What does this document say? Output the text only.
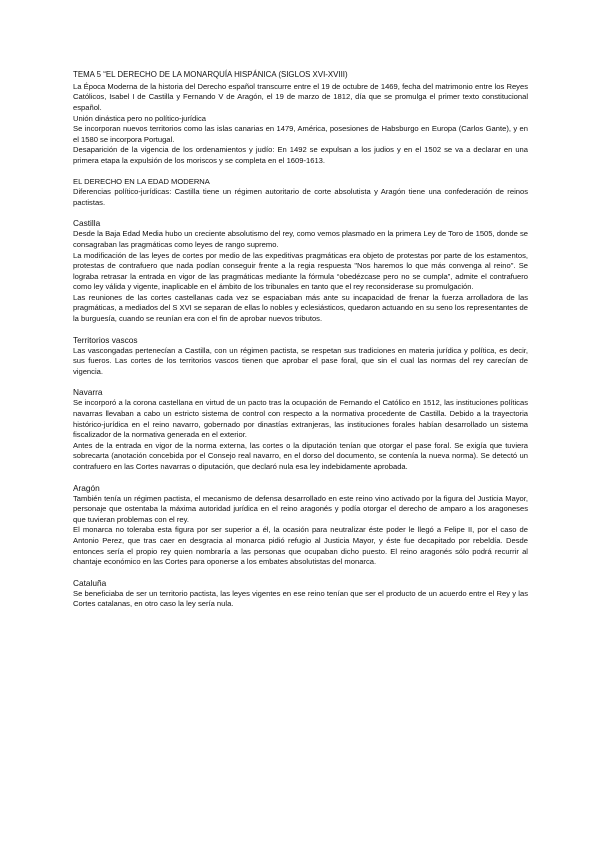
TEMA 5 “EL DERECHO DE LA MONARQUÍA HISPÁNICA (SIGLOS XVI-XVIII)

La Época Moderna de la historia del Derecho español transcurre entre el 19 de octubre de 1469, fecha del matrimonio entre los Reyes Católicos, Isabel I de Castilla y Fernando V de Aragón, el 19 de marzo de 1812, día que se promulga el primer texto constitucional español.

Unión dinástica pero no político-jurídica

Se incorporan nuevos territorios como las islas canarias en 1479, América, posesiones de Habsburgo en Europa (Carlos Gante), y en el 1580 se incorpora Portugal.

Desaparición de la vigencia de los ordenamientos y judío: En 1492 se expulsan a los judios y en el 1502 se va a declarar en una primera etapa la expulsión de los moriscos y se completa en el 1609-1613.

EL DERECHO EN LA EDAD MODERNA

Diferencias político-jurídicas: Castilla tiene un régimen autoritario de corte absolutista y Aragón tiene una confederación de reinos pactistas.

Castilla

Desde la Baja Edad Media hubo un creciente absolutismo del rey, como vemos plasmado en la primera Ley de Toro de 1505, donde se consagraban las pragmáticas como leyes de rango supremo.

La modificación de las leyes de cortes por medio de las expeditivas pragmáticas era objeto de protestas por parte de los estamentos, protestas de contrafuero que nada podían conseguir frente a la regia respuesta "Nos haremos lo que más convenga al reino". Se lograba retrasar la entrada en vigor de las pragmáticas mediante la fórmula “obedézcase pero no se cumpla”, admite el contrafuero como ley válida y vigente, inaplicable en el ámbito de los tribunales en tanto que el rey reconsiderase su promulgación.

Las reuniones de las cortes castellanas cada vez se espaciaban más ante su incapacidad de frenar la fuerza arrolladora de las pragmáticas, a mediados del S XVI se separan de ellas lo nobles y eclesiásticos, quedaron actuando en su seno los representantes de la burguesía, cuando se reunían era con el fin de aprobar nuevos tributos.

Territorios vascos

Las vascongadas pertenecían a Castilla, con un régimen pactista, se respetan sus tradiciones en materia jurídica y política, es decir, sus fueros. Las cortes de los territorios vascos tienen que aprobar el pase foral, que sin el cual las normas del rey carecían de vigencia.

Navarra

Se incorporó a la corona castellana en virtud de un pacto tras la ocupación de Fernando el Católico en 1512, las instituciones políticas navarras llevaban a cabo un estricto sistema de control con respecto a la normativa procedente de Castilla. Debido a la trayectoria histórico-jurídica en el reino navarro, gobernado por dinastías extranjeras, las instituciones forales habían desarrollado un sistema fiscalizador de la normativa generada en el exterior.

Antes de la entrada en vigor de la norma externa, las cortes o la diputación tenían que otorgar el pase foral. Se exigía que tuviera sobrecarta (anotación concebida por el Consejo real navarro, en el dorso del documento, se contenía la nueva norma). Se detectó un contrafuero en las Cortes navarras o diputación, que declaró nula esa ley indebidamente aprobada.

Aragón

También tenía un régimen pactista, el mecanismo de defensa desarrollado en este reino vino activado por la figura del Justicia Mayor, personaje que ostentaba la máxima autoridad jurídica en el reino aragonés y podía otorgar el derecho de amparo a los aragoneses que tuvieran problemas con el rey.

El monarca no toleraba esta figura por ser superior a él, la ocasión para neutralizar éste poder le llegó a Felipe II, por el caso de Antonio Perez, que tras caer en desgracia al monarca pidió refugio al Justicia Mayor, y éste fue decapitado por rebeldía. Desde entonces sería el propio rey quien nombraría a las personas que ocupaban dicho puesto. El reino aragonés sólo podrá recurrir al chantaje económico en las Cortes para oponerse a los embates absolutistas del monarca.

Cataluña

Se beneficiaba de ser un territorio pactista, las leyes vigentes en ese reino tenían que ser el producto de un acuerdo entre el Rey y las Cortes catalanas, en otro caso la ley sería nula.
